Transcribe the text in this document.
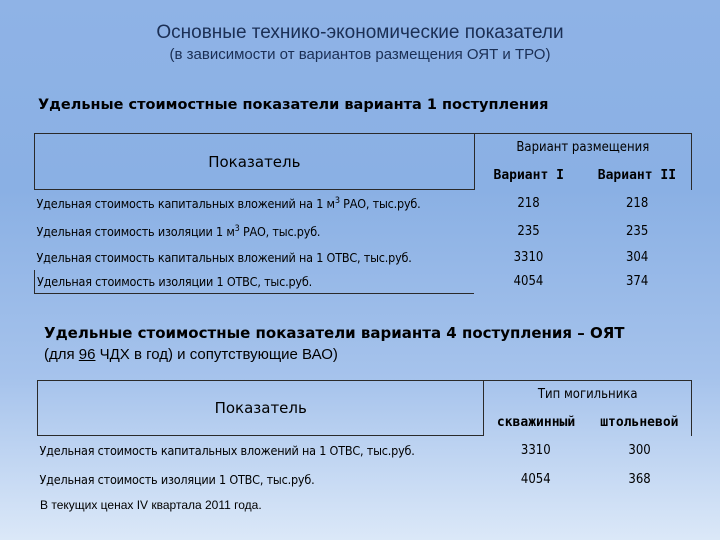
Основные технико-экономические показатели
(в зависимости от вариантов размещения ОЯТ и ТРО)
Удельные стоимостные показатели варианта 1 поступления
Показатель	Вариант размещения	
	Вариант I	Вариант II
Удельная стоимость капитальных вложений на 1 $м^3$ РАО, тыс.руб.	218	218
Удельная стоимость изоляции 1 $м^3$ РАО, тыс.руб.	235	235
Удельная стоимость капитальных вложений на 1 ОТВС, тыс.руб.	3310	304
Удельная стоимость изоляции 1 ОТВС, тыс.руб.	4054	374
Удельные стоимостные показатели варианта 4 поступления – ОЯТ
(для 96 ЧДХ в год) и сопутствующие ВАО)
Показатель	Тип могильника	
	скважинный	штольневой
Удельная стоимость капитальных вложений на 1 ОТВС, тыс.руб.	3310	300
Удельная стоимость изоляции 1 ОТВС, тыс.руб.	4054	368
В текущих ценах IV квартала 2011 года.
